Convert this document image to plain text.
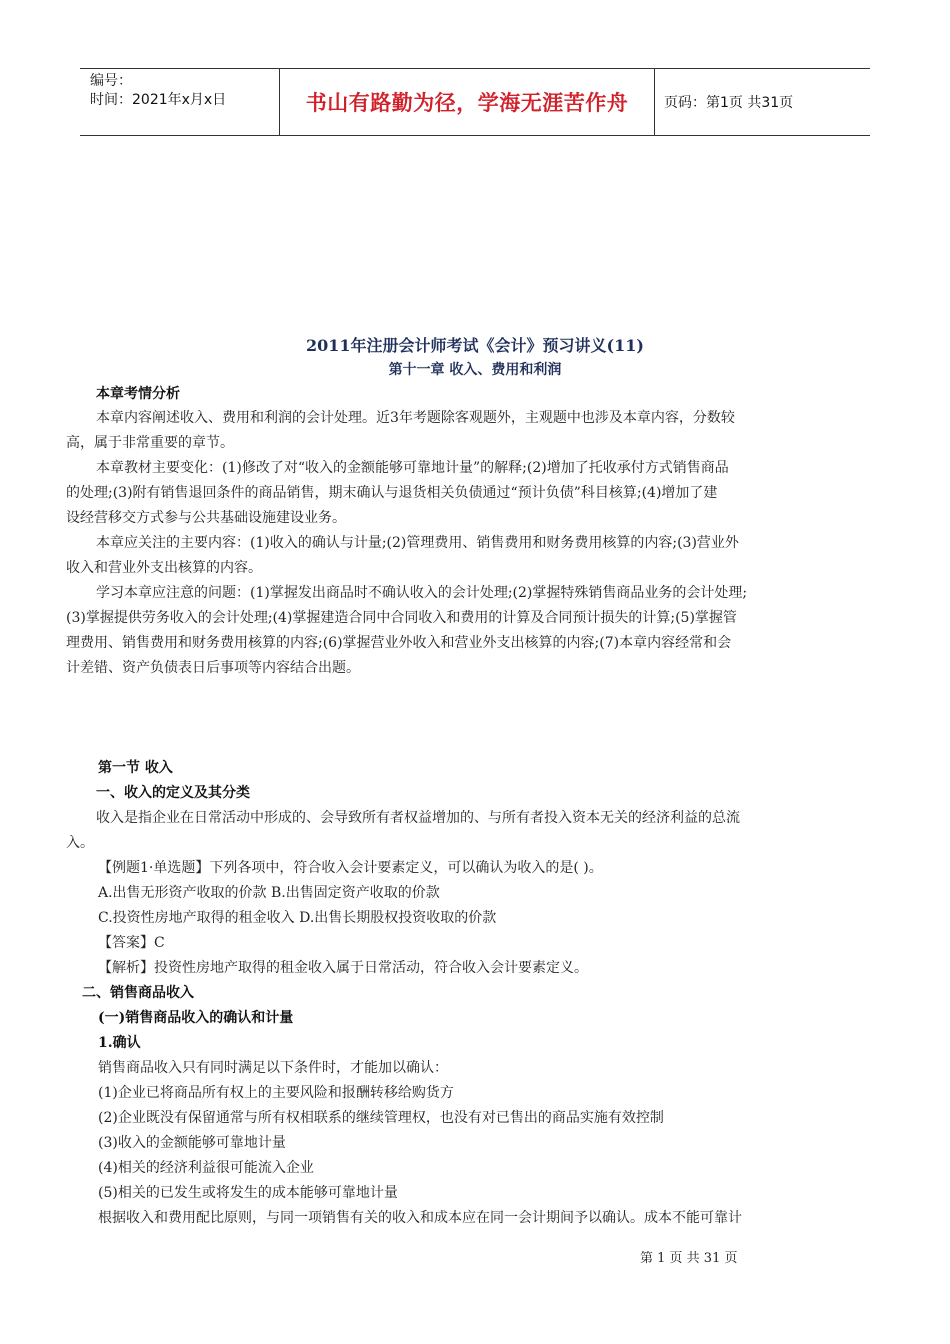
编号：
时间：2021年x月x日	书山有路勤为径，学海无涯苦作舟	页码：第1页 共31页
2011年注册会计师考试《会计》预习讲义(11)
第十一章 收入、费用和利润
本章考情分析
本章内容阐述收入、费用和利润的会计处理。近3年考题除客观题外，主观题中也涉及本章内容，分数较
高，属于非常重要的章节。
本章教材主要变化：(1)修改了对“收入的金额能够可靠地计量”的解释;(2)增加了托收承付方式销售商品
的处理;(3)附有销售退回条件的商品销售，期末确认与退货相关负债通过“预计负债”科目核算;(4)增加了建
设经营移交方式参与公共基础设施建设业务。
本章应关注的主要内容：(1)收入的确认与计量;(2)管理费用、销售费用和财务费用核算的内容;(3)营业外
收入和营业外支出核算的内容。
学习本章应注意的问题：(1)掌握发出商品时不确认收入的会计处理;(2)掌握特殊销售商品业务的会计处理;
(3)掌握提供劳务收入的会计处理;(4)掌握建造合同中合同收入和费用的计算及合同预计损失的计算;(5)掌握管
理费用、销售费用和财务费用核算的内容;(6)掌握营业外收入和营业外支出核算的内容;(7)本章内容经常和会
计差错、资产负债表日后事项等内容结合出题。
第一节 收入
一、收入的定义及其分类
收入是指企业在日常活动中形成的、会导致所有者权益增加的、与所有者投入资本无关的经济利益的总流
入。
【例题1·单选题】下列各项中，符合收入会计要素定义，可以确认为收入的是( )。
A.出售无形资产收取的价款 B.出售固定资产收取的价款
C.投资性房地产取得的租金收入 D.出售长期股权投资收取的价款
【答案】C
【解析】投资性房地产取得的租金收入属于日常活动，符合收入会计要素定义。
二、销售商品收入
(一)销售商品收入的确认和计量
1.确认
销售商品收入只有同时满足以下条件时，才能加以确认：
(1)企业已将商品所有权上的主要风险和报酬转移给购货方
(2)企业既没有保留通常与所有权相联系的继续管理权，也没有对已售出的商品实施有效控制
(3)收入的金额能够可靠地计量
(4)相关的经济利益很可能流入企业
(5)相关的已发生或将发生的成本能够可靠地计量
根据收入和费用配比原则，与同一项销售有关的收入和成本应在同一会计期间予以确认。成本不能可靠计
第 1 页 共 31 页
